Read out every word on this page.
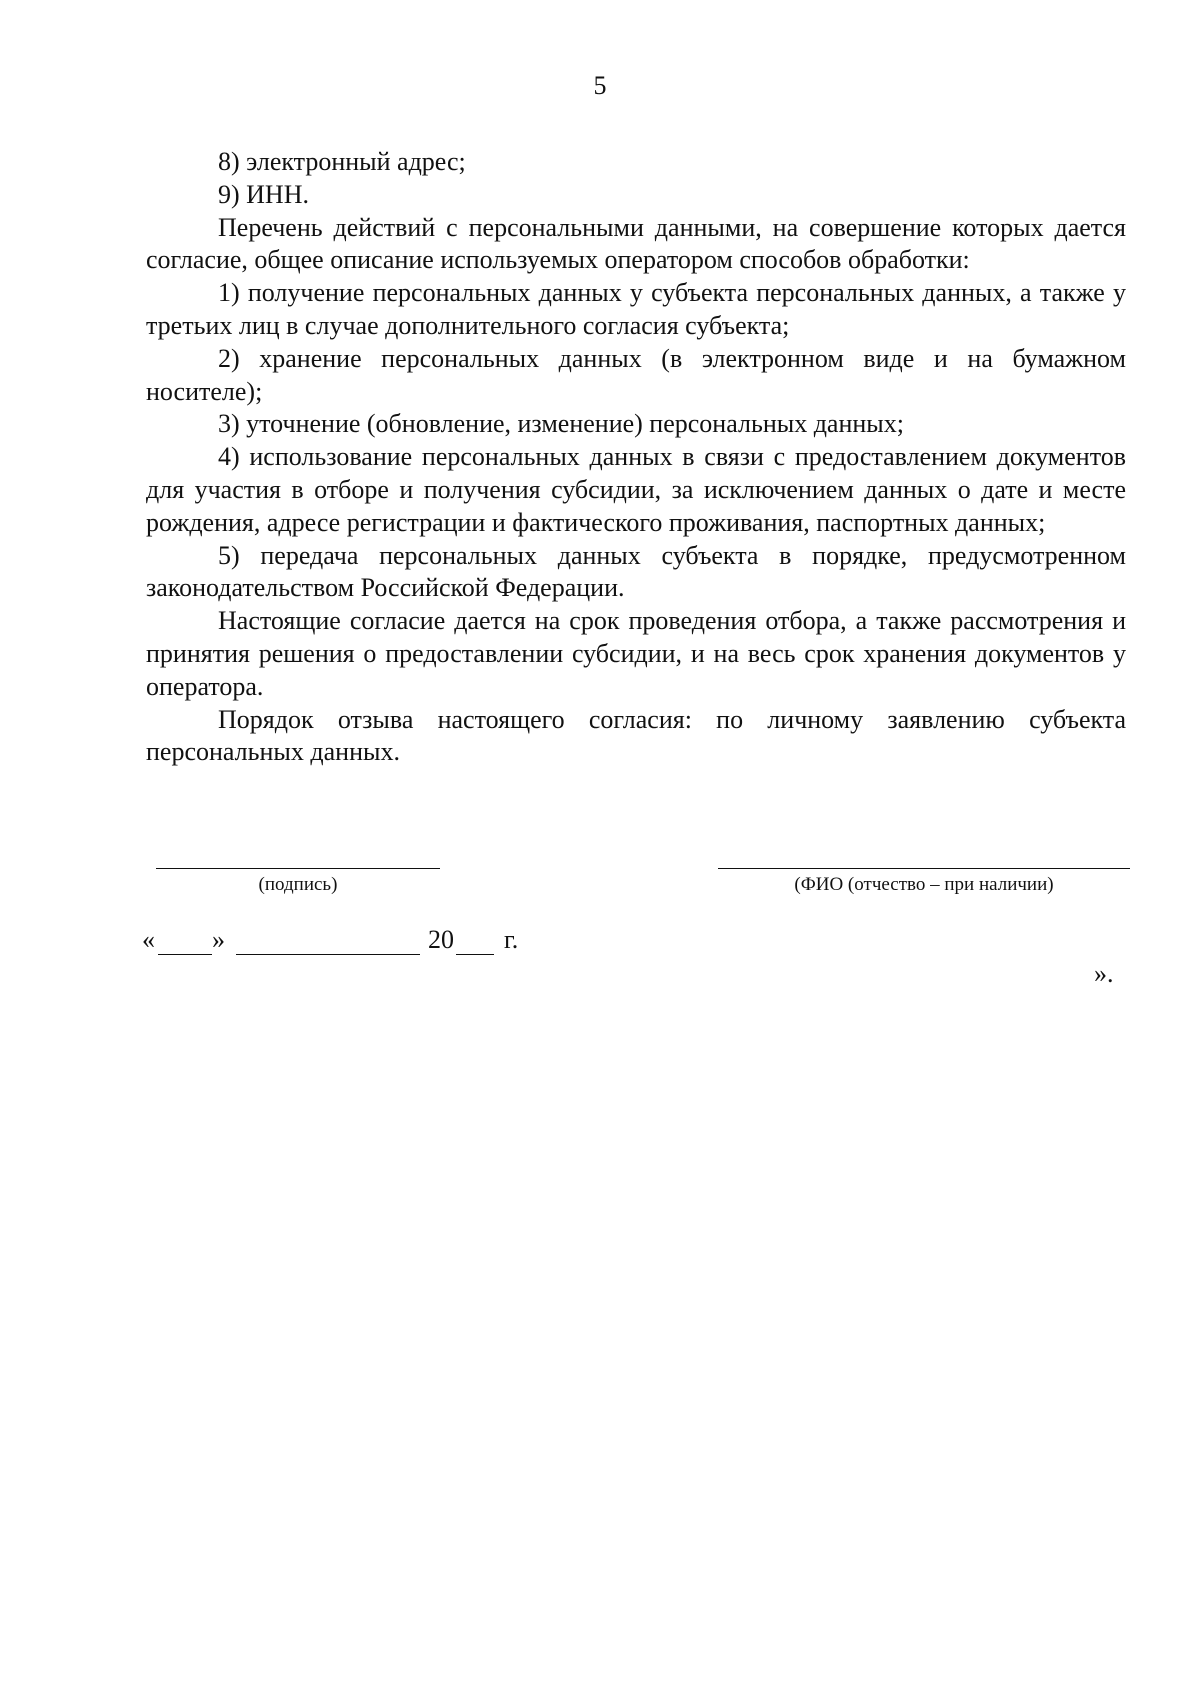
5

8) электронный адрес;

9) ИНН.

Перечень действий с персональными данными, на совершение которых дается согласие, общее описание используемых оператором способов обработки:

1) получение персональных данных у субъекта персональных данных, а также у третьих лиц в случае дополнительного согласия субъекта;

2) хранение персональных данных (в электронном виде и на бумажном носителе);

3) уточнение (обновление, изменение) персональных данных;

4) использование персональных данных в связи с предоставлением документов для участия в отборе и получения субсидии, за исключением данных о дате и месте рождения, адресе регистрации и фактического проживания, паспортных данных;

5) передача персональных данных субъекта в порядке, предусмотренном законодательством Российской Федерации.

Настоящие согласие дается на срок проведения отбора, а также рассмотрения и принятия решения о предоставлении субсидии, и на весь срок хранения документов у оператора.

Порядок отзыва настоящего согласия: по личному заявлению субъекта персональных данных.

(подпись)	(ФИО (отчество – при наличии)
« »	20 г.
».
